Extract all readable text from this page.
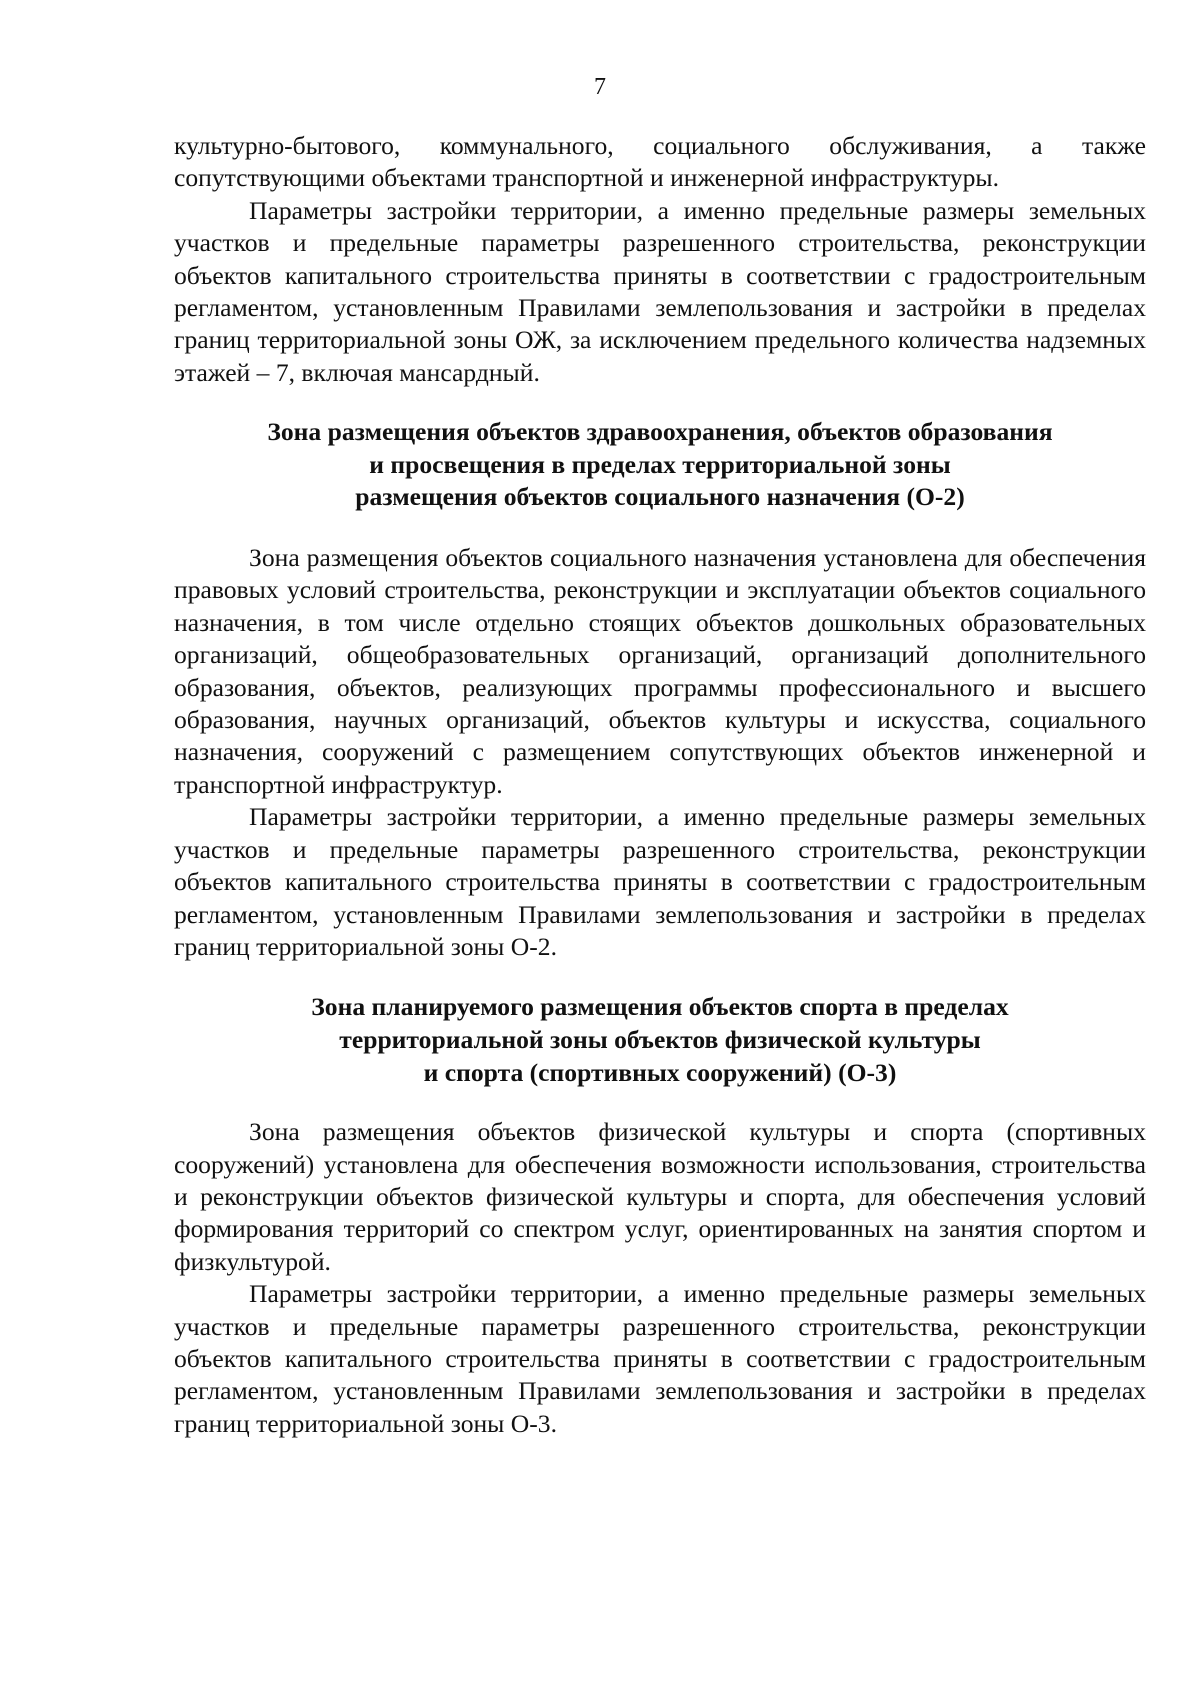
7

культурно-бытового, коммунального, социального обслуживания, а также сопутствующими объектами транспортной и инженерной инфраструктуры.

Параметры застройки территории, а именно предельные размеры земельных участков и предельные параметры разрешенного строительства, реконструкции объектов капитального строительства приняты в соответствии с градостроительным регламентом, установленным Правилами землепользования и застройки в пределах границ территориальной зоны ОЖ, за исключением предельного количества надземных этажей – 7, включая мансардный.

Зона размещения объектов здравоохранения, объектов образования
и просвещения в пределах территориальной зоны
размещения объектов социального назначения (О-2)

Зона размещения объектов социального назначения установлена для обеспечения правовых условий строительства, реконструкции и эксплуатации объектов социального назначения, в том числе отдельно стоящих объектов дошкольных образовательных организаций, общеобразовательных организаций, организаций дополнительного образования, объектов, реализующих программы профессионального и высшего образования, научных организаций, объектов культуры и искусства, социального назначения, сооружений с размещением сопутствующих объектов инженерной и транспортной инфраструктур.

Параметры застройки территории, а именно предельные размеры земельных участков и предельные параметры разрешенного строительства, реконструкции объектов капитального строительства приняты в соответствии с градостроительным регламентом, установленным Правилами землепользования и застройки в пределах границ территориальной зоны О-2.

Зона планируемого размещения объектов спорта в пределах
территориальной зоны объектов физической культуры
и спорта (спортивных сооружений) (О-3)

Зона размещения объектов физической культуры и спорта (спортивных сооружений) установлена для обеспечения возможности использования, строительства и реконструкции объектов физической культуры и спорта, для обеспечения условий формирования территорий со спектром услуг, ориентированных на занятия спортом и физкультурой.

Параметры застройки территории, а именно предельные размеры земельных участков и предельные параметры разрешенного строительства, реконструкции объектов капитального строительства приняты в соответствии с градостроительным регламентом, установленным Правилами землепользования и застройки в пределах границ территориальной зоны О-3.
